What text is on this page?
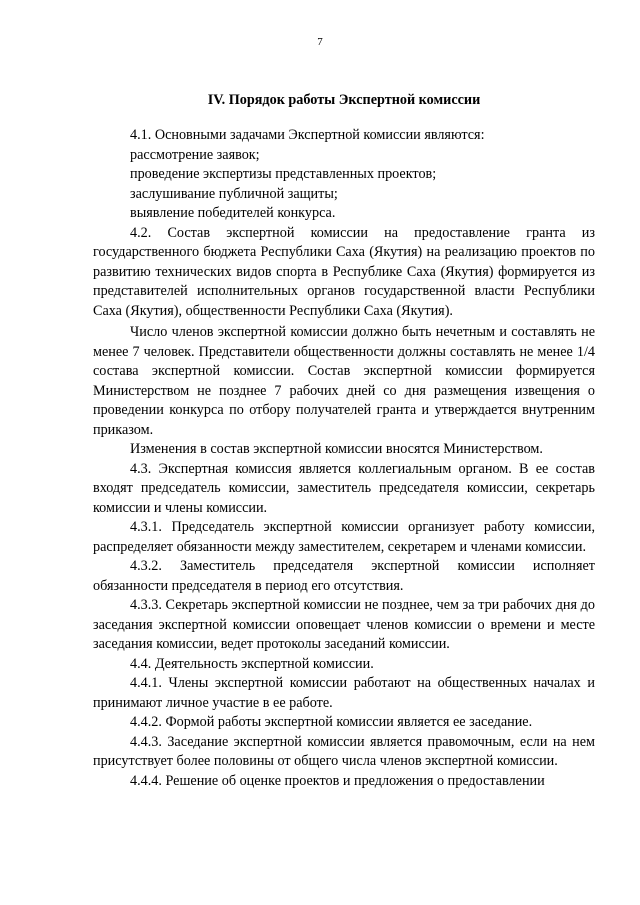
7
IV. Порядок работы Экспертной комиссии

4.1. Основными задачами Экспертной комиссии являются:

рассмотрение заявок;

проведение экспертизы представленных проектов;

заслушивание публичной защиты;

выявление победителей конкурса.

4.2. Состав экспертной комиссии на предоставление гранта из государственного бюджета Республики Саха (Якутия) на реализацию проектов по развитию технических видов спорта в Республике Саха (Якутия) формируется из представителей исполнительных органов государственной власти Республики Саха (Якутия), общественности Республики Саха (Якутия).

Число членов экспертной комиссии должно быть нечетным и составлять не менее 7 человек. Представители общественности должны составлять не менее 1/4 состава экспертной комиссии. Состав экспертной комиссии формируется Министерством не позднее 7 рабочих дней со дня размещения извещения о проведении конкурса по отбору получателей гранта и утверждается внутренним приказом.

Изменения в состав экспертной комиссии вносятся Министерством.

4.3. Экспертная комиссия является коллегиальным органом. В ее состав входят председатель комиссии, заместитель председателя комиссии, секретарь комиссии и члены комиссии.

4.3.1. Председатель экспертной комиссии организует работу комиссии, распределяет обязанности между заместителем, секретарем и членами комиссии.

4.3.2. Заместитель председателя экспертной комиссии исполняет обязанности председателя в период его отсутствия.

4.3.3. Секретарь экспертной комиссии не позднее, чем за три рабочих дня до заседания экспертной комиссии оповещает членов комиссии о времени и месте заседания комиссии, ведет протоколы заседаний комиссии.

4.4. Деятельность экспертной комиссии.

4.4.1. Члены экспертной комиссии работают на общественных началах и принимают личное участие в ее работе.

4.4.2. Формой работы экспертной комиссии является ее заседание.

4.4.3. Заседание экспертной комиссии является правомочным, если на нем присутствует более половины от общего числа членов экспертной комиссии.

4.4.4. Решение об оценке проектов и предложения о предоставлении
